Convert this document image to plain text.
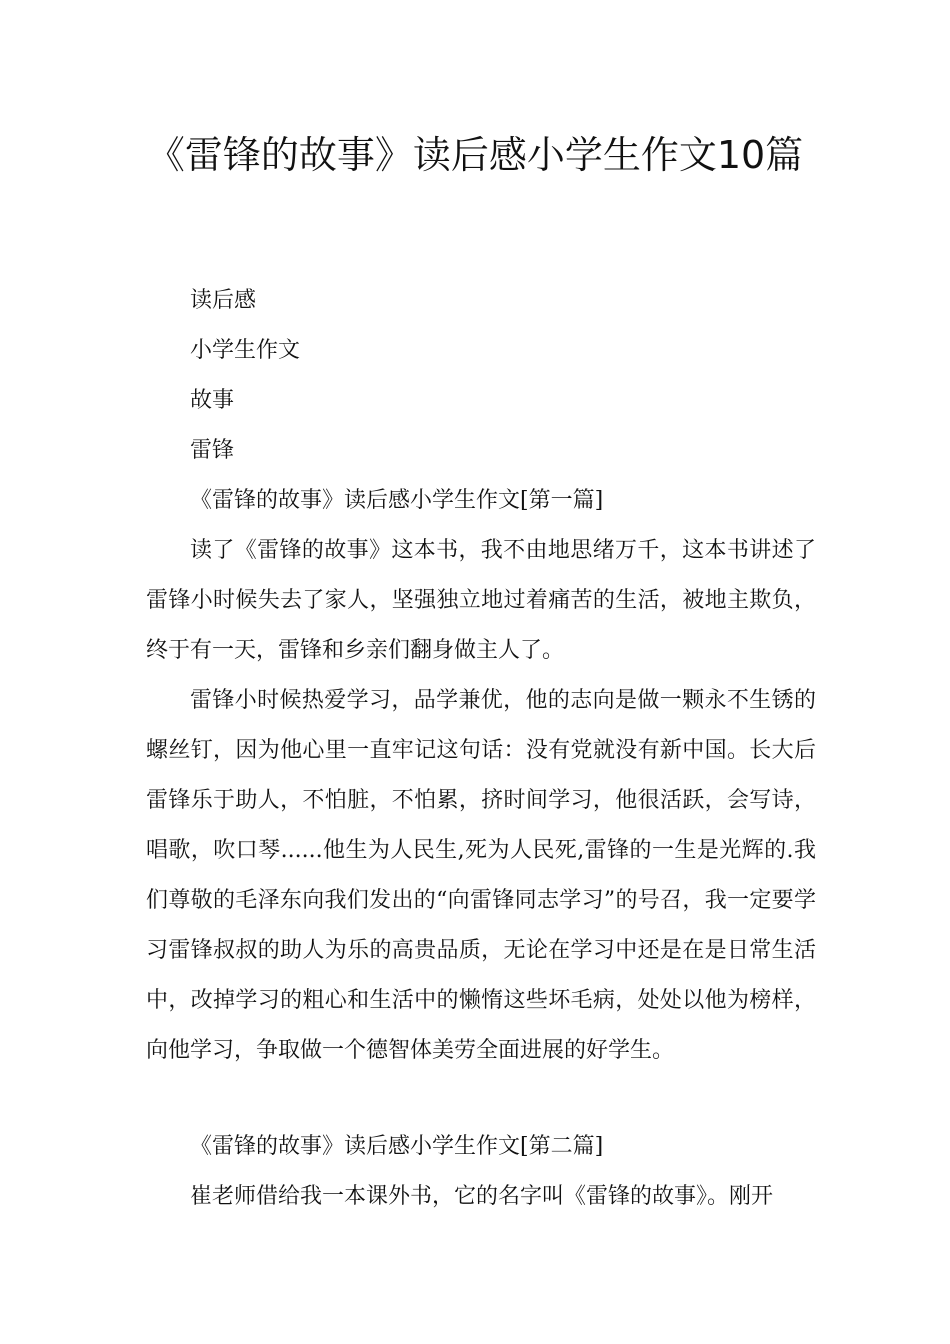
《雷锋的故事》读后感小学生作文10篇
读后感
小学生作文
故事
雷锋
《雷锋的故事》读后感小学生作文[第一篇]

读了《雷锋的故事》这本书，我不由地思绪万千，这本书讲述了雷锋小时候失去了家人，坚强独立地过着痛苦的生活，被地主欺负，终于有一天，雷锋和乡亲们翻身做主人了。

雷锋小时候热爱学习，品学兼优，他的志向是做一颗永不生锈的螺丝钉，因为他心里一直牢记这句话：没有党就没有新中国。长大后雷锋乐于助人，不怕脏，不怕累，挤时间学习，他很活跃，会写诗，唱歌，吹口琴......他生为人民生,死为人民死,雷锋的一生是光辉的.我们尊敬的毛泽东向我们发出的“向雷锋同志学习”的号召，我一定要学习雷锋叔叔的助人为乐的高贵品质，无论在学习中还是在是日常生活中，改掉学习的粗心和生活中的懒惰这些坏毛病，处处以他为榜样，向他学习，争取做一个德智体美劳全面进展的好学生。

《雷锋的故事》读后感小学生作文[第二篇]
崔老师借给我一本课外书，它的名字叫《雷锋的故事》。刚开
